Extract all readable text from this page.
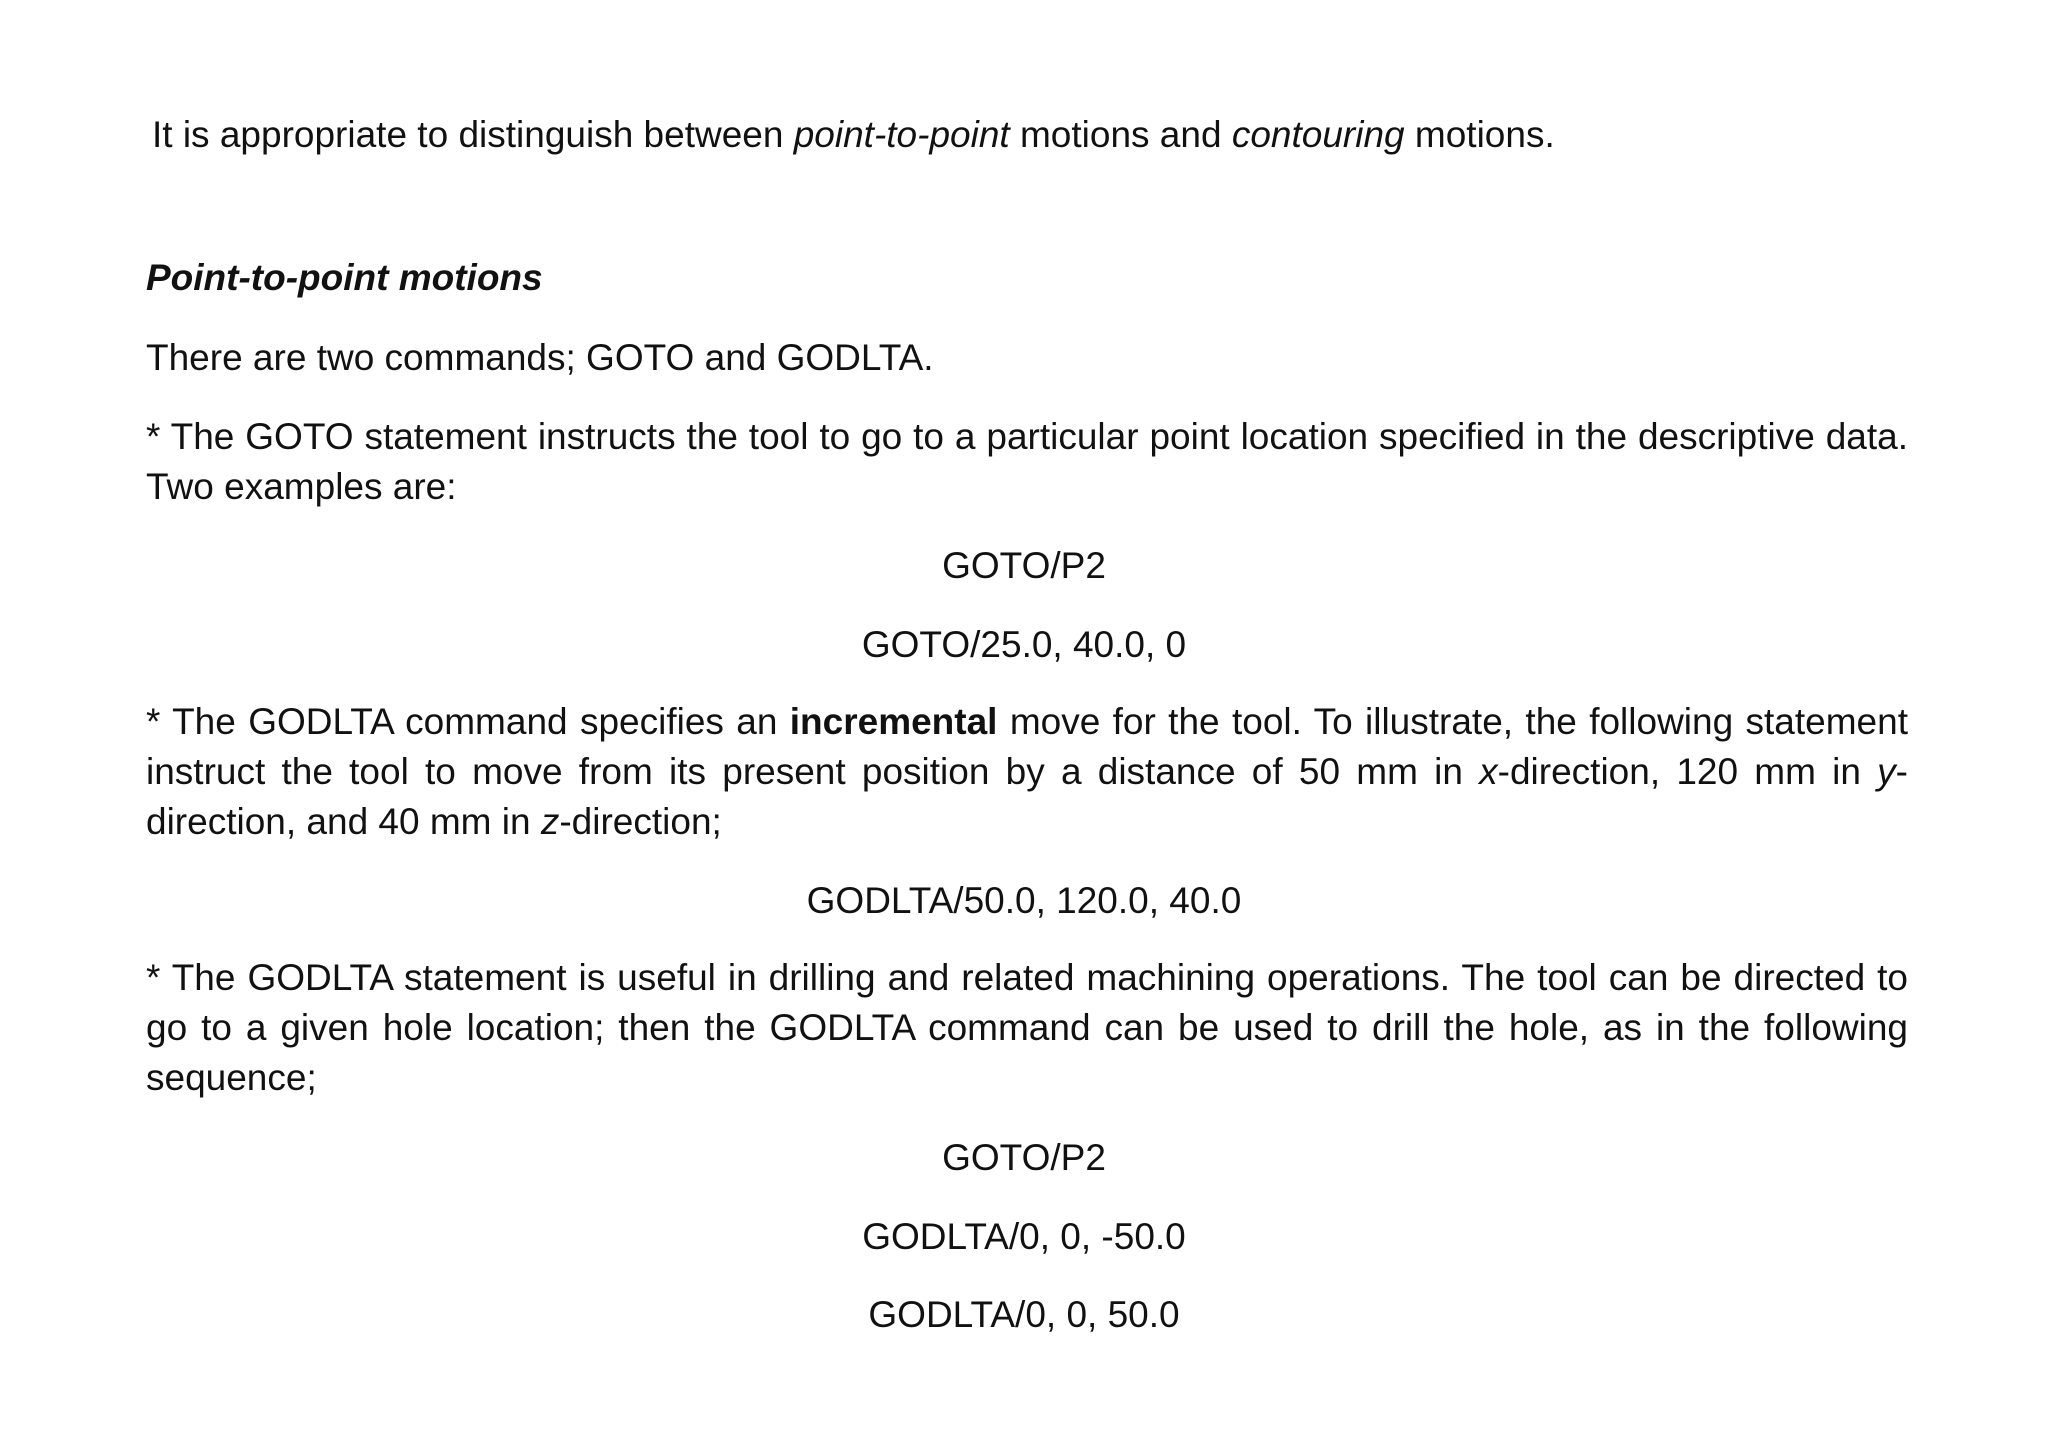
It is appropriate to distinguish between point-to-point motions and contouring motions.
Point-to-point motions
There are two commands; GOTO and GODLTA.
* The GOTO statement instructs the tool to go to a particular point location specified in the descriptive data. Two examples are:
GOTO/P2
GOTO/25.0, 40.0, 0
* The GODLTA command specifies an incremental move for the tool. To illustrate, the following statement instruct the tool to move from its present position by a distance of 50 mm in x-direction, 120 mm in y-direction, and 40 mm in z-direction;
GODLTA/50.0, 120.0, 40.0
* The GODLTA statement is useful in drilling and related machining operations. The tool can be directed to go to a given hole location; then the GODLTA command can be used to drill the hole, as in the following sequence;
GOTO/P2
GODLTA/0, 0, -50.0
GODLTA/0, 0, 50.0
